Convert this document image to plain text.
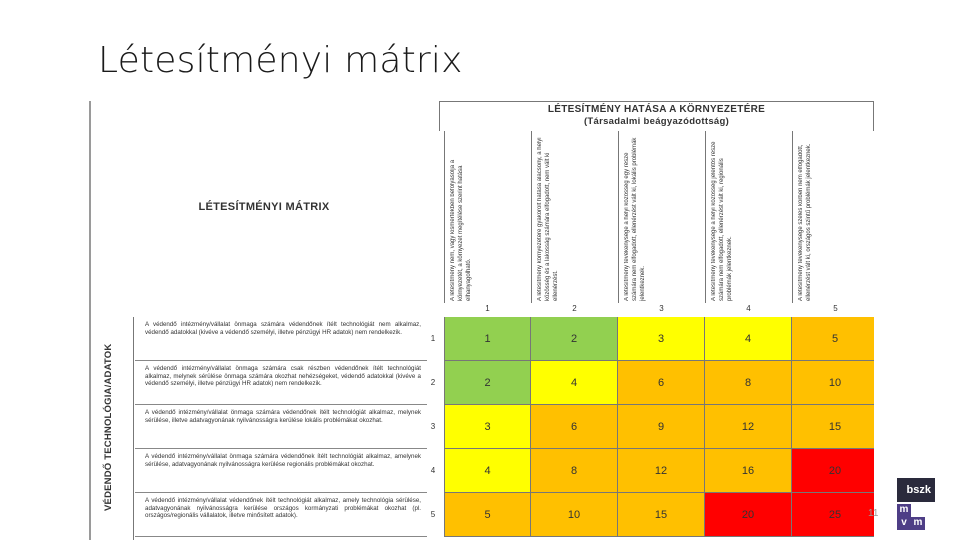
Létesítményi mátrix
LÉTESÍTMÉNYI MÁTRIX
LÉTESÍTMÉNY HATÁSA A KÖRNYEZETÉRE
(Társadalmi beágyazódottság)
A létesítmény nem, vagy kismértékben befolyásolja a környezetét, a környezet megítélése szerint hatása elhanyagolható.
1
A létesítmény környezetére gyakorolt hatása alacsony, a helyi közösség és a lakosság számára elfogadott, nem vált ki ellenérzést.
2
A létesítmény tevékenysége a helyi közösség egy része számára nem elfogadott, ellenérzést vált ki, lokális problémák jelentkeznek.
3
A létesítmény tevékenysége a helyi közösség jelentős része számára nem elfogadott, ellenérzést vált ki, regionális problémák jelentkeznek.
4
A létesítmény tevékenysége széles körben nem elfogadott, ellenérzést vált ki, országos szintű problémák jelentkeznek.
5
VÉDENDŐ TECHNOLÓGIA/ADATOK
A védendő intézmény/vállalat önmaga számára védendőnek ítélt technológiát nem alkalmaz, védendő adatokkal (kivéve a védendő személyi, illetve pénzügyi HR adatok) nem rendelkezik.
1
A védendő intézmény/vállalat önmaga számára csak részben védendőnek ítélt technológiát alkalmaz, melynek sérülése önmaga számára okozhat nehézségeket, védendő adatokkal (kivéve a védendő személyi, illetve pénzügyi HR adatok) nem rendelkezik.	2
A védendő intézmény/vállalat önmaga számára védendőnek ítélt technológiát alkalmaz, melynek sérülése, illetve adatvagyonának nyilvánosságra kerülése lokális problémákat okozhat.
3
A védendő intézmény/vállalat önmaga számára védendőnek ítélt technológiát alkalmaz, amelynek sérülése, adatvagyonának nyilvánosságra kerülése regionális problémákat okozhat.
4
A védendő intézmény/vállalat védendőnek ítélt technológiát alkalmaz, amely technológia sérülése, adatvagyonának nyilvánosságra kerülése országos kormányzati problémákat okozhat (pl. országos/regionális vállalatok, illetve minősített adatok).	5
1	2	3	4	5
2	4	6	8	10
3	6	9	12	15
4	8	12	16	20
5	10	15	20	25	11
bszk
m
v m
